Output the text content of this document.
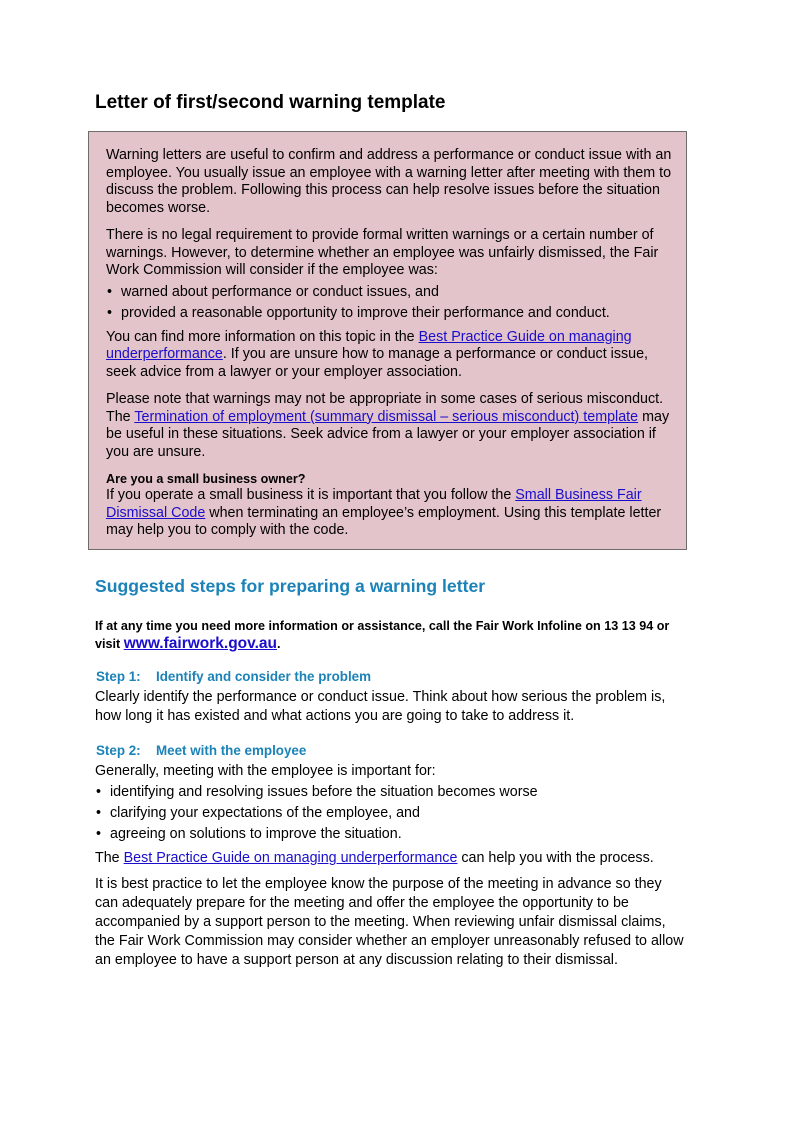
Letter of first/second warning template

Warning letters are useful to confirm and address a performance or conduct issue with an employee. You usually issue an employee with a warning letter after meeting with them to discuss the problem. Following this process can help resolve issues before the situation becomes worse.

There is no legal requirement to provide formal written warnings or a certain number of warnings. However, to determine whether an employee was unfairly dismissed, the Fair Work Commission will consider if the employee was:

• warned about performance or conduct issues, and
• provided a reasonable opportunity to improve their performance and conduct.

You can find more information on this topic in the Best Practice Guide on managing underperformance. If you are unsure how to manage a performance or conduct issue, seek advice from a lawyer or your employer association.

Please note that warnings may not be appropriate in some cases of serious misconduct. The Termination of employment (summary dismissal – serious misconduct) template may be useful in these situations. Seek advice from a lawyer or your employer association if you are unsure.

Are you a small business owner?

If you operate a small business it is important that you follow the Small Business Fair Dismissal Code when terminating an employee’s employment. Using this template letter may help you to comply with the code.

Suggested steps for preparing a warning letter

If at any time you need more information or assistance, call the Fair Work Infoline on 13 13 94 or visit www.fairwork.gov.au.

Step 1: Identify and consider the problem

Clearly identify the performance or conduct issue. Think about how serious the problem is, how long it has existed and what actions you are going to take to address it.

Step 2: Meet with the employee

Generally, meeting with the employee is important for:

• identifying and resolving issues before the situation becomes worse
• clarifying your expectations of the employee, and
• agreeing on solutions to improve the situation.

The Best Practice Guide on managing underperformance can help you with the process.

It is best practice to let the employee know the purpose of the meeting in advance so they can adequately prepare for the meeting and offer the employee the opportunity to be accompanied by a support person to the meeting. When reviewing unfair dismissal claims, the Fair Work Commission may consider whether an employer unreasonably refused to allow an employee to have a support person at any discussion relating to their dismissal.
